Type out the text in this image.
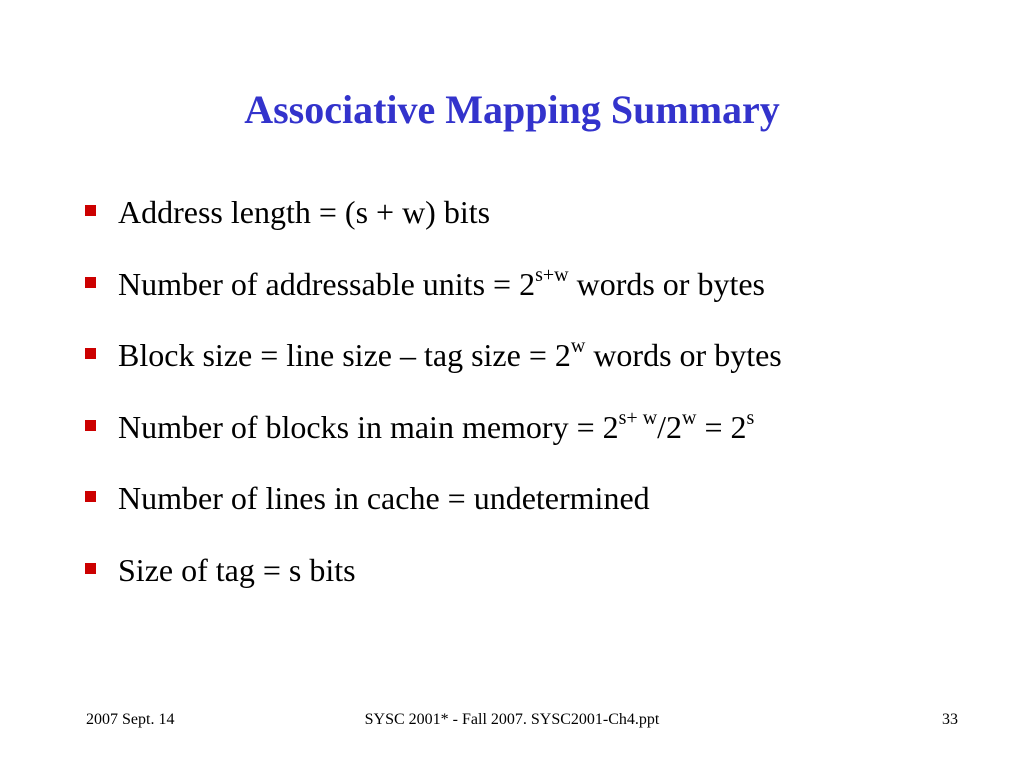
Associative Mapping Summary
Address length = (s + w) bits
Number of addressable units = $2^{s+w}$ words or bytes
Block size = line size – tag size = $2^w$ words or bytes
Number of blocks in main memory = $2^{s+ w}/2^w = 2^s$
Number of lines in cache = undetermined
Size of tag = s bits
2007 Sept. 14	SYSC 2001* - Fall 2007. SYSC2001-Ch4.ppt	33
